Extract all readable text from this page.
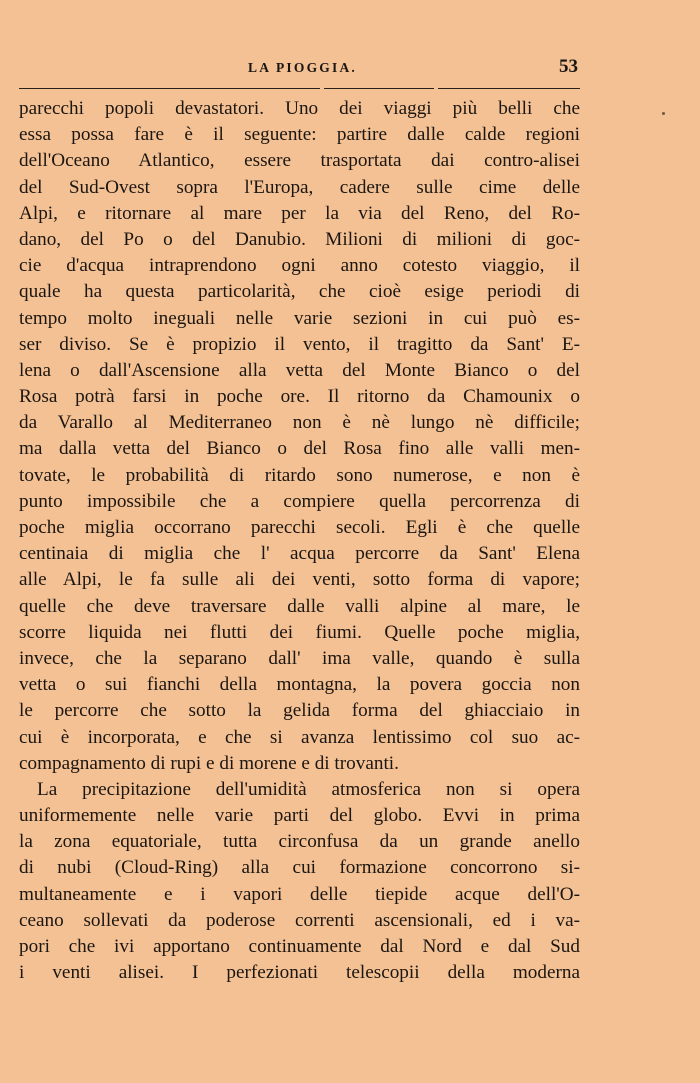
LA PIOGGIA.	53
parecchi popoli devastatori. Uno dei viaggi più belli che
essa possa fare è il seguente: partire dalle calde regioni
dell'Oceano Atlantico, essere trasportata dai contro-alisei
del Sud-Ovest sopra l'Europa, cadere sulle cime delle
Alpi, e ritornare al mare per la via del Reno, del Ro-
dano, del Po o del Danubio. Milioni di milioni di goc-
cie d'acqua intraprendono ogni anno cotesto viaggio, il
quale ha questa particolarità, che cioè esige periodi di
tempo molto ineguali nelle varie sezioni in cui può es-
ser diviso. Se è propizio il vento, il tragitto da Sant' E-
lena o dall'Ascensione alla vetta del Monte Bianco o del
Rosa potrà farsi in poche ore. Il ritorno da Chamounix o
da Varallo al Mediterraneo non è nè lungo nè difficile;
ma dalla vetta del Bianco o del Rosa fino alle valli men-
tovate, le probabilità di ritardo sono numerose, e non è
punto impossibile che a compiere quella percorrenza di
poche miglia occorrano parecchi secoli. Egli è che quelle
centinaia di miglia che l' acqua percorre da Sant' Elena
alle Alpi, le fa sulle ali dei venti, sotto forma di vapore;
quelle che deve traversare dalle valli alpine al mare, le
scorre liquida nei flutti dei fiumi. Quelle poche miglia,
invece, che la separano dall' ima valle, quando è sulla
vetta o sui fianchi della montagna, la povera goccia non
le percorre che sotto la gelida forma del ghiacciaio in
cui è incorporata, e che si avanza lentissimo col suo ac-
compagnamento di rupi e di morene e di trovanti.
La precipitazione dell'umidità atmosferica non si opera
uniformemente nelle varie parti del globo. Evvi in prima
la zona equatoriale, tutta circonfusa da un grande anello
di nubi (Cloud-Ring) alla cui formazione concorrono si-
multaneamente e i vapori delle tiepide acque dell'O-
ceano sollevati da poderose correnti ascensionali, ed i va-
pori che ivi apportano continuamente dal Nord e dal Sud
i venti alisei. I perfezionati telescopii della moderna
